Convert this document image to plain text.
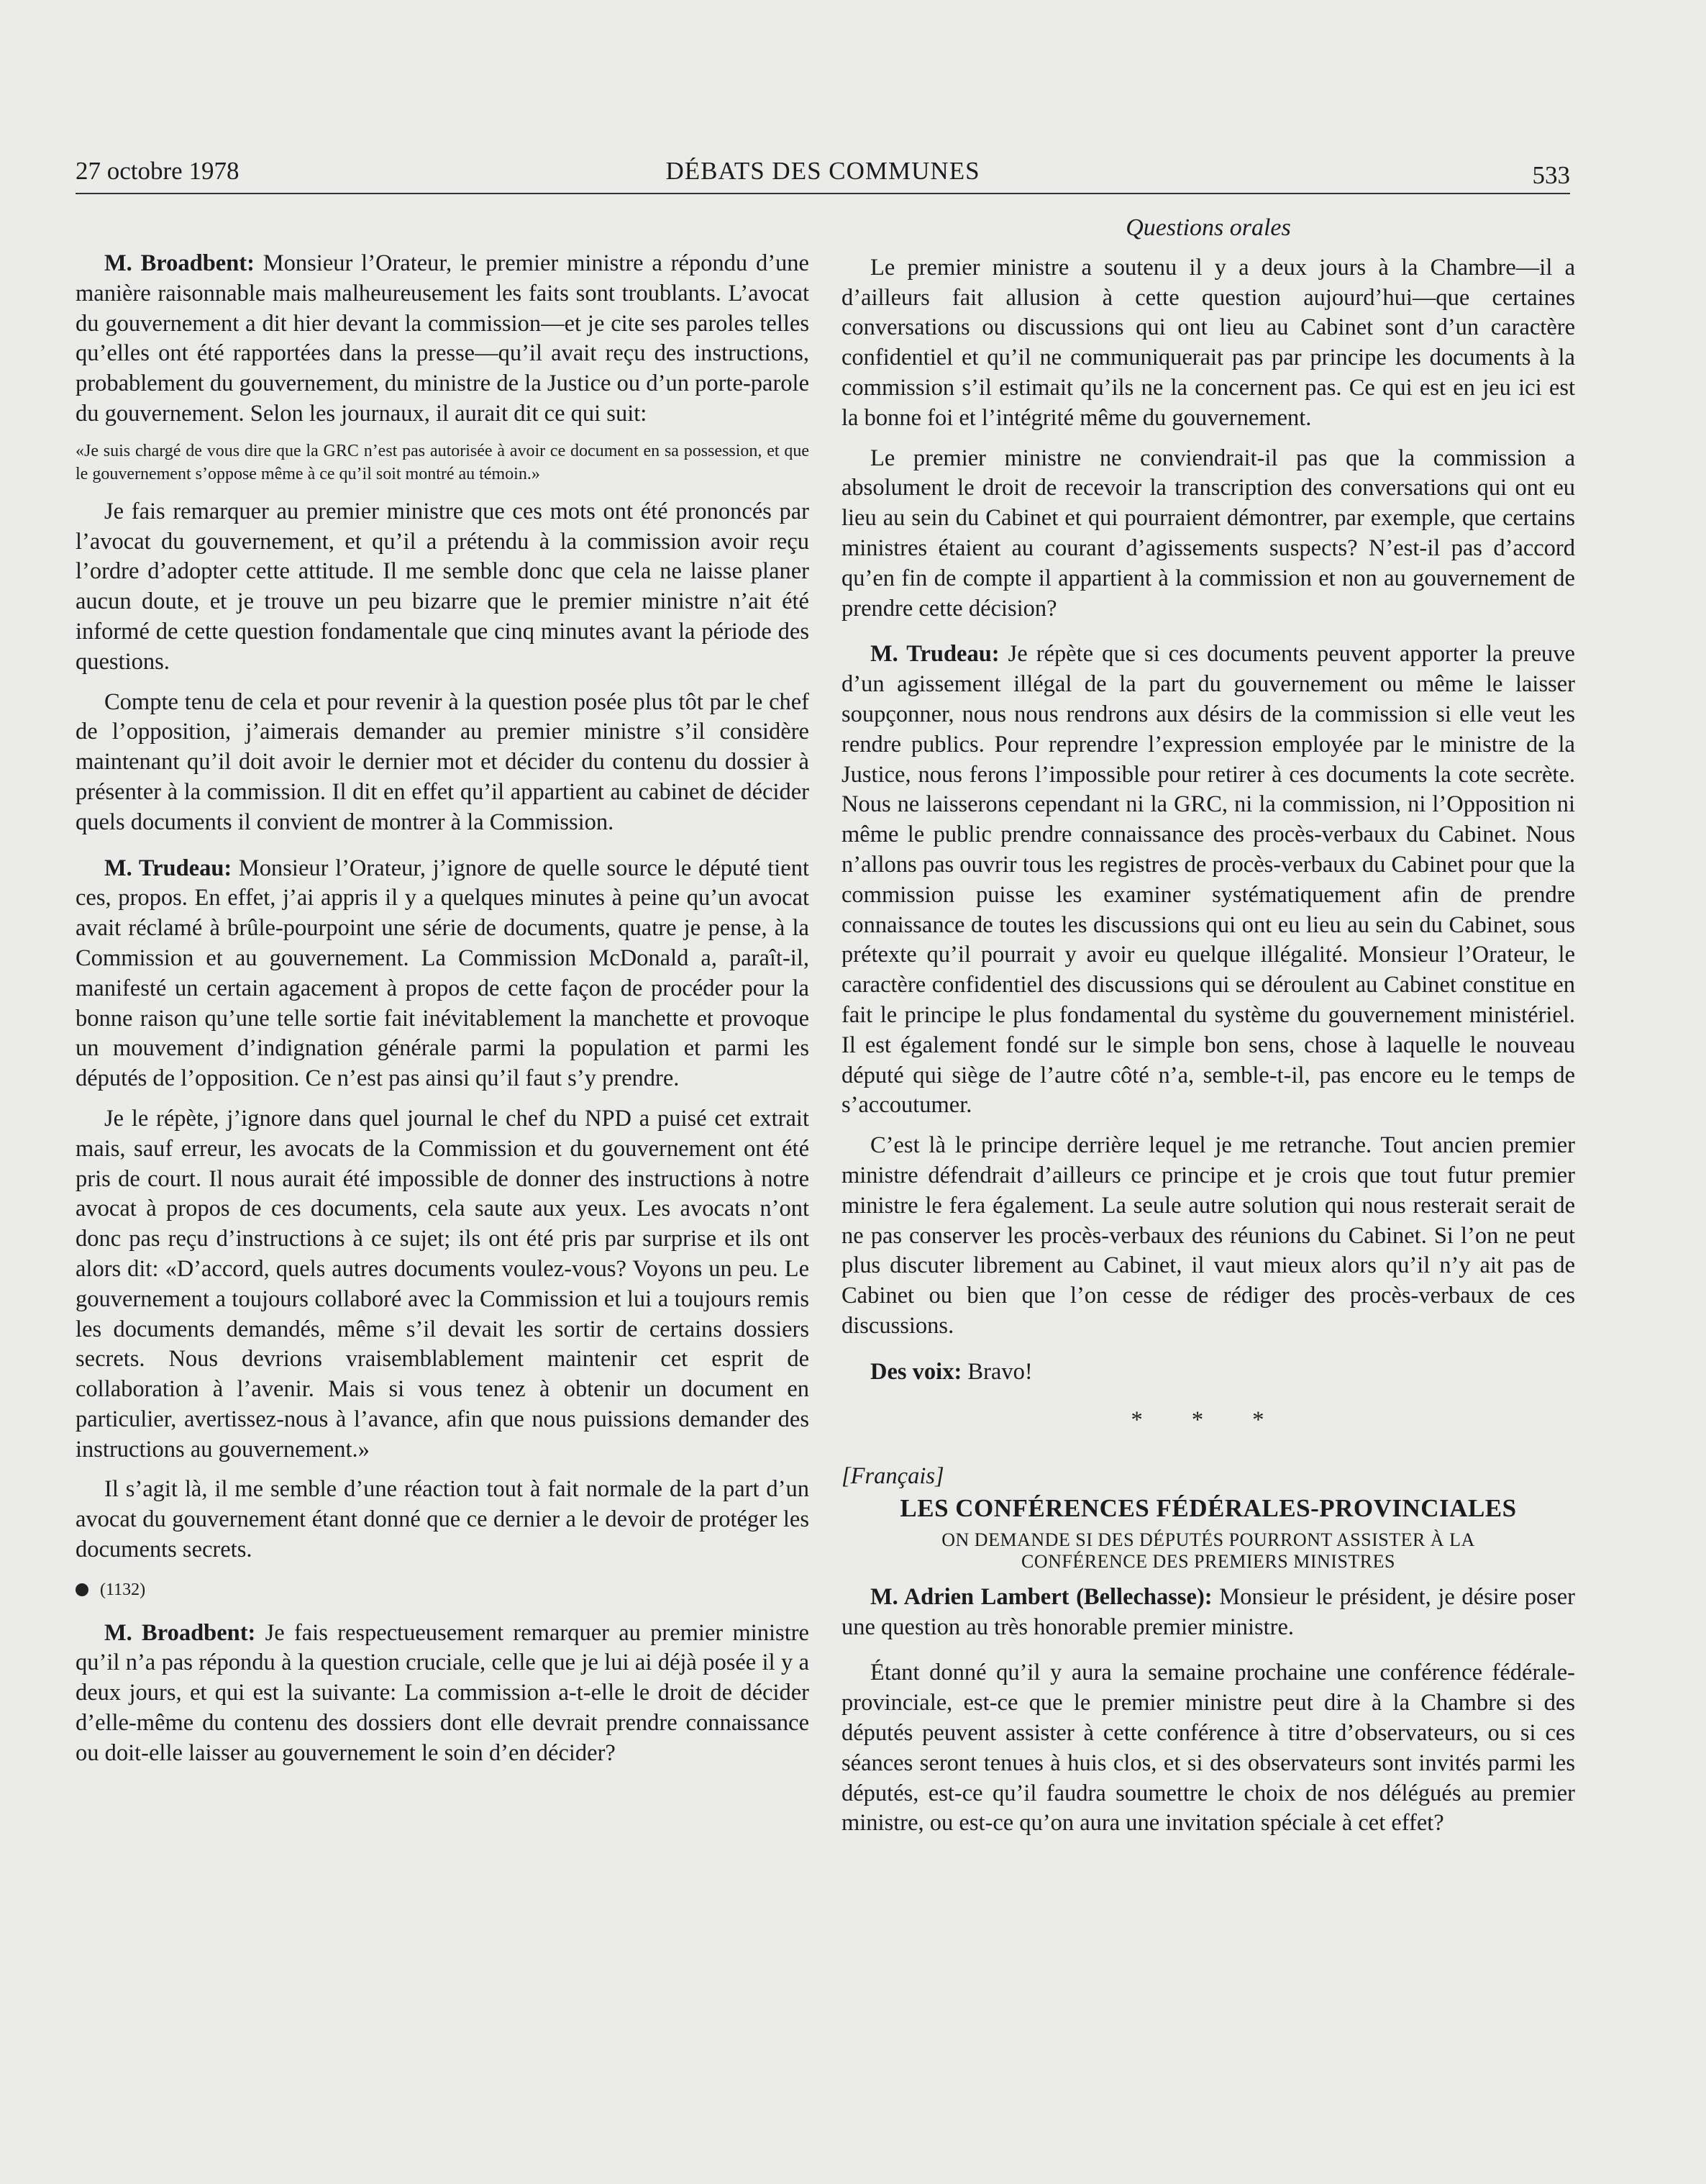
27 octobre 1978	DÉBATS DES COMMUNES	533

M. Broadbent: Monsieur l’Orateur, le premier ministre a répondu d’une manière raisonnable mais malheureusement les faits sont troublants. L’avocat du gouvernement a dit hier devant la commission—et je cite ses paroles telles qu’elles ont été rapportées dans la presse—qu’il avait reçu des instructions, probablement du gouvernement, du ministre de la Justice ou d’un porte-parole du gouvernement. Selon les journaux, il aurait dit ce qui suit:

«Je suis chargé de vous dire que la GRC n’est pas autorisée à avoir ce document en sa possession, et que le gouvernement s’oppose même à ce qu’il soit montré au témoin.»

Je fais remarquer au premier ministre que ces mots ont été prononcés par l’avocat du gouvernement, et qu’il a prétendu à la commission avoir reçu l’ordre d’adopter cette attitude. Il me semble donc que cela ne laisse planer aucun doute, et je trouve un peu bizarre que le premier ministre n’ait été informé de cette question fondamentale que cinq minutes avant la période des questions.

Compte tenu de cela et pour revenir à la question posée plus tôt par le chef de l’opposition, j’aimerais demander au premier ministre s’il considère maintenant qu’il doit avoir le dernier mot et décider du contenu du dossier à présenter à la commission. Il dit en effet qu’il appartient au cabinet de décider quels documents il convient de montrer à la Commission.

M. Trudeau: Monsieur l’Orateur, j’ignore de quelle source le député tient ces, propos. En effet, j’ai appris il y a quelques minutes à peine qu’un avocat avait réclamé à brûle-pourpoint une série de documents, quatre je pense, à la Commission et au gouvernement. La Commission McDonald a, paraît-il, manifesté un certain agacement à propos de cette façon de procéder pour la bonne raison qu’une telle sortie fait inévitablement la manchette et provoque un mouvement d’indignation générale parmi la population et parmi les députés de l’opposition. Ce n’est pas ainsi qu’il faut s’y prendre.

Je le répète, j’ignore dans quel journal le chef du NPD a puisé cet extrait mais, sauf erreur, les avocats de la Commission et du gouvernement ont été pris de court. Il nous aurait été impossible de donner des instructions à notre avocat à propos de ces documents, cela saute aux yeux. Les avocats n’ont donc pas reçu d’instructions à ce sujet; ils ont été pris par surprise et ils ont alors dit: «D’accord, quels autres documents voulez-vous? Voyons un peu. Le gouvernement a toujours collaboré avec la Commission et lui a toujours remis les documents demandés, même s’il devait les sortir de certains dossiers secrets. Nous devrions vraisemblablement maintenir cet esprit de collaboration à l’avenir. Mais si vous tenez à obtenir un document en particulier, avertissez-nous à l’avance, afin que nous puissions demander des instructions au gouvernement.»

Il s’agit là, il me semble d’une réaction tout à fait normale de la part d’un avocat du gouvernement étant donné que ce dernier a le devoir de protéger les documents secrets.

(1132)

M. Broadbent: Je fais respectueusement remarquer au premier ministre qu’il n’a pas répondu à la question cruciale, celle que je lui ai déjà posée il y a deux jours, et qui est la suivante: La commission a-t-elle le droit de décider d’elle-même du contenu des dossiers dont elle devrait prendre connaissance ou doit-elle laisser au gouvernement le soin d’en décider?

Questions orales

Le premier ministre a soutenu il y a deux jours à la Chambre—il a d’ailleurs fait allusion à cette question aujourd’hui—que certaines conversations ou discussions qui ont lieu au Cabinet sont d’un caractère confidentiel et qu’il ne communiquerait pas par principe les documents à la commission s’il estimait qu’ils ne la concernent pas. Ce qui est en jeu ici est la bonne foi et l’intégrité même du gouvernement.

Le premier ministre ne conviendrait-il pas que la commission a absolument le droit de recevoir la transcription des conversations qui ont eu lieu au sein du Cabinet et qui pourraient démontrer, par exemple, que certains ministres étaient au courant d’agissements suspects? N’est-il pas d’accord qu’en fin de compte il appartient à la commission et non au gouvernement de prendre cette décision?

M. Trudeau: Je répète que si ces documents peuvent apporter la preuve d’un agissement illégal de la part du gouvernement ou même le laisser soupçonner, nous nous rendrons aux désirs de la commission si elle veut les rendre publics. Pour reprendre l’expression employée par le ministre de la Justice, nous ferons l’impossible pour retirer à ces documents la cote secrète. Nous ne laisserons cependant ni la GRC, ni la commission, ni l’Opposition ni même le public prendre connaissance des procès-verbaux du Cabinet. Nous n’allons pas ouvrir tous les registres de procès-verbaux du Cabinet pour que la commission puisse les examiner systématiquement afin de prendre connaissance de toutes les discussions qui ont eu lieu au sein du Cabinet, sous prétexte qu’il pourrait y avoir eu quelque illégalité. Monsieur l’Orateur, le caractère confidentiel des discussions qui se déroulent au Cabinet constitue en fait le principe le plus fondamental du système du gouvernement ministériel. Il est également fondé sur le simple bon sens, chose à laquelle le nouveau député qui siège de l’autre côté n’a, semble-t-il, pas encore eu le temps de s’accoutumer.

C’est là le principe derrière lequel je me retranche. Tout ancien premier ministre défendrait d’ailleurs ce principe et je crois que tout futur premier ministre le fera également. La seule autre solution qui nous resterait serait de ne pas conserver les procès-verbaux des réunions du Cabinet. Si l’on ne peut plus discuter librement au Cabinet, il vaut mieux alors qu’il n’y ait pas de Cabinet ou bien que l’on cesse de rédiger des procès-verbaux de ces discussions.

Des voix: Bravo!

* * *

[Français]

LES CONFÉRENCES FÉDÉRALES-PROVINCIALES

ON DEMANDE SI DES DÉPUTÉS POURRONT ASSISTER À LA
CONFÉRENCE DES PREMIERS MINISTRES

M. Adrien Lambert (Bellechasse): Monsieur le président, je désire poser une question au très honorable premier ministre.

Étant donné qu’il y aura la semaine prochaine une conférence fédérale-provinciale, est-ce que le premier ministre peut dire à la Chambre si des députés peuvent assister à cette conférence à titre d’observateurs, ou si ces séances seront tenues à huis clos, et si des observateurs sont invités parmi les députés, est-ce qu’il faudra soumettre le choix de nos délégués au premier ministre, ou est-ce qu’on aura une invitation spéciale à cet effet?
